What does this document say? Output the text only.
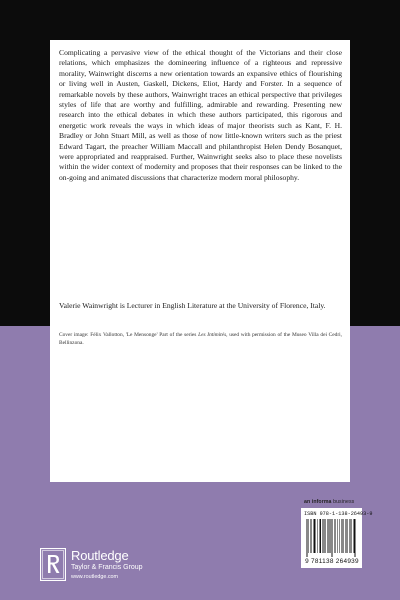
Complicating a pervasive view of the ethical thought of the Victorians and their close relations, which emphasizes the domineering influence of a righteous and repressive morality, Wainwright discerns a new orientation towards an expansive ethics of flourishing or living well in Austen, Gaskell, Dickens, Eliot, Hardy and Forster. In a sequence of remarkable novels by these authors, Wainwright traces an ethical perspective that privileges styles of life that are worthy and fulfilling, admirable and rewarding. Presenting new research into the ethical debates in which these authors participated, this rigorous and energetic work reveals the ways in which ideas of major theorists such as Kant, F. H. Bradley or John Stuart Mill, as well as those of now little-known writers such as the priest Edward Tagart, the preacher William Maccall and philanthropist Helen Dendy Bosanquet, were appropriated and reappraised. Further, Wainwright seeks also to place these novelists within the wider context of modernity and proposes that their responses can be linked to the on-going and animated discussions that characterize modern moral philosophy.

Valerie Wainwright is Lecturer in English Literature at the University of Florence, Italy.

Cover image: Félix Vallotton, 'Le Mensonge' Part of the series Les Intimités, used with permission of the Museo Villa dei Cedri, Bellinzona.

an informa business
ISBN 978-1-138-26493-9
9 781138 264939
Routledge
Taylor & Francis Group
www.routledge.com
